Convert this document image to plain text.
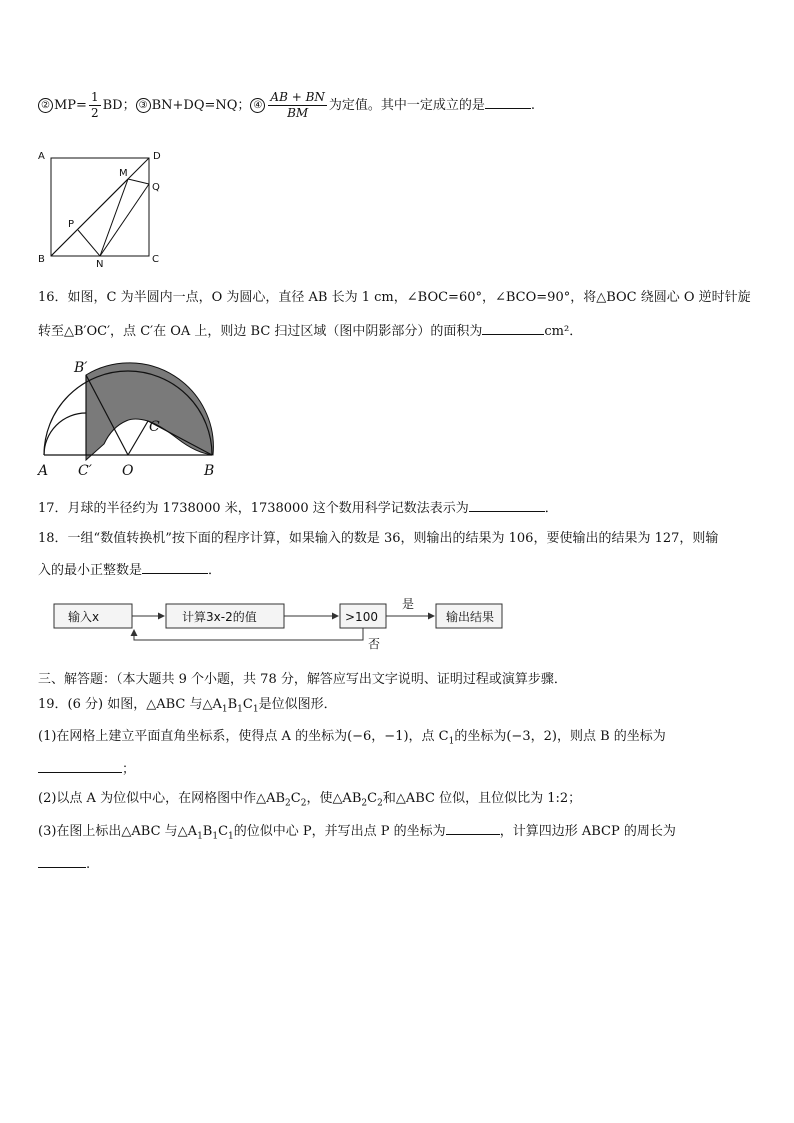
② $MP= \frac{1}{2}$ BD； ③ BN+DQ=NQ； ④ $\frac{AB + BN}{BM}$ 为定值。其中一定成立的是	.
A	D
M
Q
P
B	N	C
16．如图，C 为半圆内一点，O 为圆心，直径 AB 长为 1 cm，∠BOC=60°，∠BCO=90°，将△BOC 绕圆心 O 逆时针旋
转至△B′OC′，点 C′在 OA 上，则边 BC 扫过区域（图中阴影部分）的面积为	cm²．
B′
C
A C′ O	B
17．月球的半径约为 1738000 米，1738000 这个数用科学记数法表示为	．
18．一组“数值转换机”按下面的程序计算，如果输入的数是 36，则输出的结果为 106，要使输出的结果为 127，则输
入的最小正整数是	．
输入x	计算3x-2的值	>100
是
输出结果
否
三、解答题：（本大题共 9 个小题，共 78 分，解答应写出文字说明、证明过程或演算步骤．
19．(6 分) 如图，△ABC 与$\triangle A_1B_1C_1$是位似图形．
(1)在网格上建立平面直角坐标系，使得点 A 的坐标为(−6，−1)，点 $C_1$的坐标为(−3，2)，则点 B 的坐标为
；
(2)以点 A 为位似中心，在网格图中作$\triangle AB_2C_2$，使$\triangle AB_2C_2$和△ABC 位似，且位似比为 1:2；
(3)在图上标出△ABC 与$\triangle A_1B_1C_1$的位似中心 P，并写出点 P 的坐标为	，计算四边形 ABCP 的周长为
.
